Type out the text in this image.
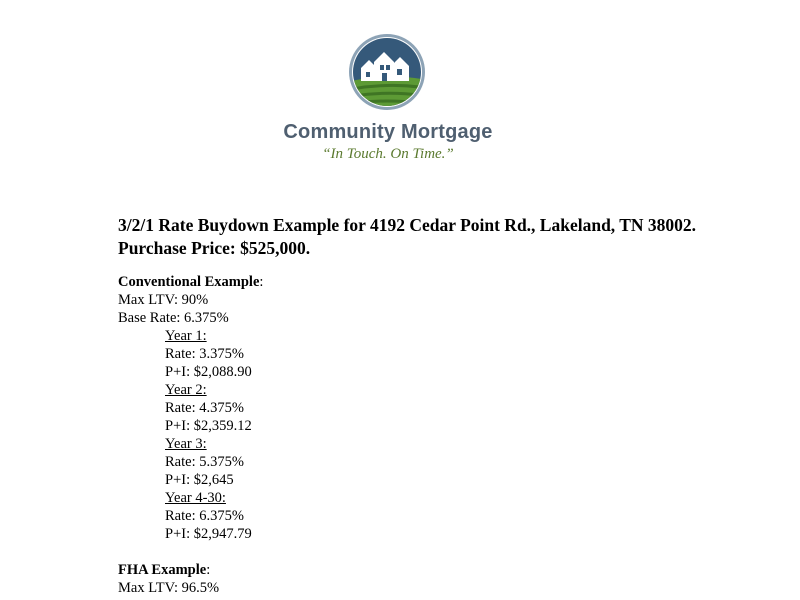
Community Mortgage
“In Touch. On Time.”
3/2/1 Rate Buydown Example for 4192 Cedar Point Rd., Lakeland, TN 38002. Purchase Price: $525,000.
Conventional Example:
Max LTV: 90%
Base Rate: 6.375%
Year 1:
Rate: 3.375%
P+I: $2,088.90
Year 2:
Rate: 4.375%
P+I: $2,359.12
Year 3:
Rate: 5.375%
P+I: $2,645
Year 4-30:
Rate: 6.375%
P+I: $2,947.79
FHA Example:
Max LTV: 96.5%
